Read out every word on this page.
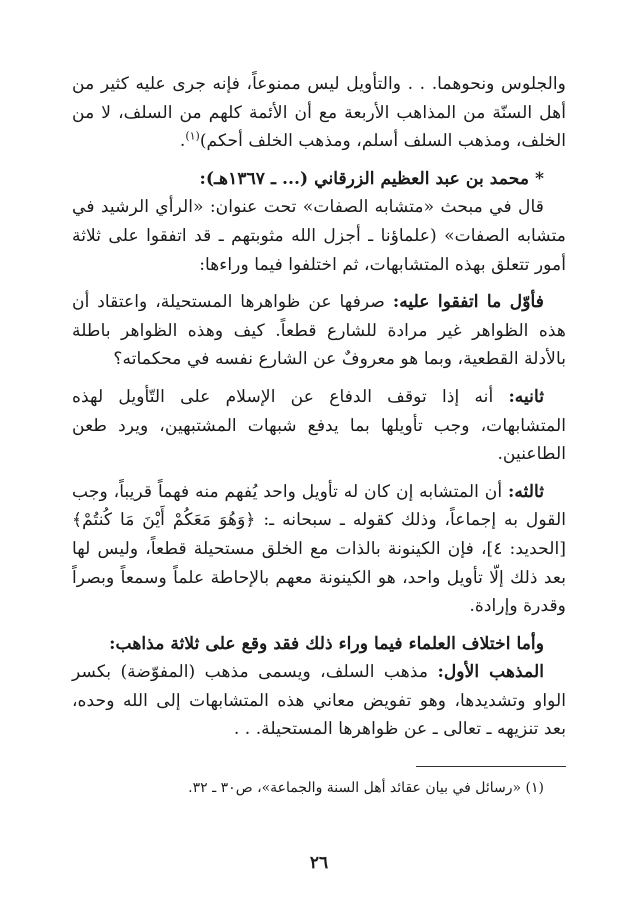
والجلوس ونحوهما. . . والتأويل ليس ممنوعاً، فإنه جرى عليه كثير من أهل السنّة من المذاهب الأربعة مع أن الأئمة كلهم من السلف، لا من الخلف، ومذهب السلف أسلم، ومذهب الخلف أحكم)$^{(١)}$.

* محمد بن عبد العظيم الزرقاني (... ـ ١٣٦٧هـ):

قال في مبحث «متشابه الصفات» تحت عنوان: «الرأي الرشيد في متشابه الصفات» (علماؤنا ـ أجزل الله مثوبتهم ـ قد اتفقوا على ثلاثة أمور تتعلق بهذه المتشابهات، ثم اختلفوا فيما وراءها:

فأوّل ما اتفقوا عليه: صرفها عن ظواهرها المستحيلة، واعتقاد أن هذه الظواهر غير مرادة للشارع قطعاً. كيف وهذه الظواهر باطلة بالأدلة القطعية، وبما هو معروفٌ عن الشارع نفسه في محكماته؟

ثانيه: أنه إذا توقف الدفاع عن الإسلام على التّأويل لهذه المتشابهات، وجب تأويلها بما يدفع شبهات المشتبهين، ويرد طعن الطاعنين.

ثالثه: أن المتشابه إن كان له تأويل واحد يُفهم منه فهماً قريباً، وجب القول به إجماعاً، وذلك كقوله ـ سبحانه ـ: ﴿وَهُوَ مَعَكُمْ أَيْنَ مَا كُنتُمْ﴾ [الحديد: ٤]، فإن الكينونة بالذات مع الخلق مستحيلة قطعاً، وليس لها بعد ذلك إلّا تأويل واحد، هو الكينونة معهم بالإحاطة علماً وسمعاً وبصراً وقدرة وإرادة.

وأما اختلاف العلماء فيما وراء ذلك فقد وقع على ثلاثة مذاهب:

المذهب الأول: مذهب السلف، ويسمى مذهب (المفوّضة) بكسر الواو وتشديدها، وهو تفويض معاني هذه المتشابهات إلى الله وحده، بعد تنزيهه ـ تعالى ـ عن ظواهرها المستحيلة. . .

(١) «رسائل في بيان عقائد أهل السنة والجماعة»، ص٣٠ ـ ٣٢.

٢٦
